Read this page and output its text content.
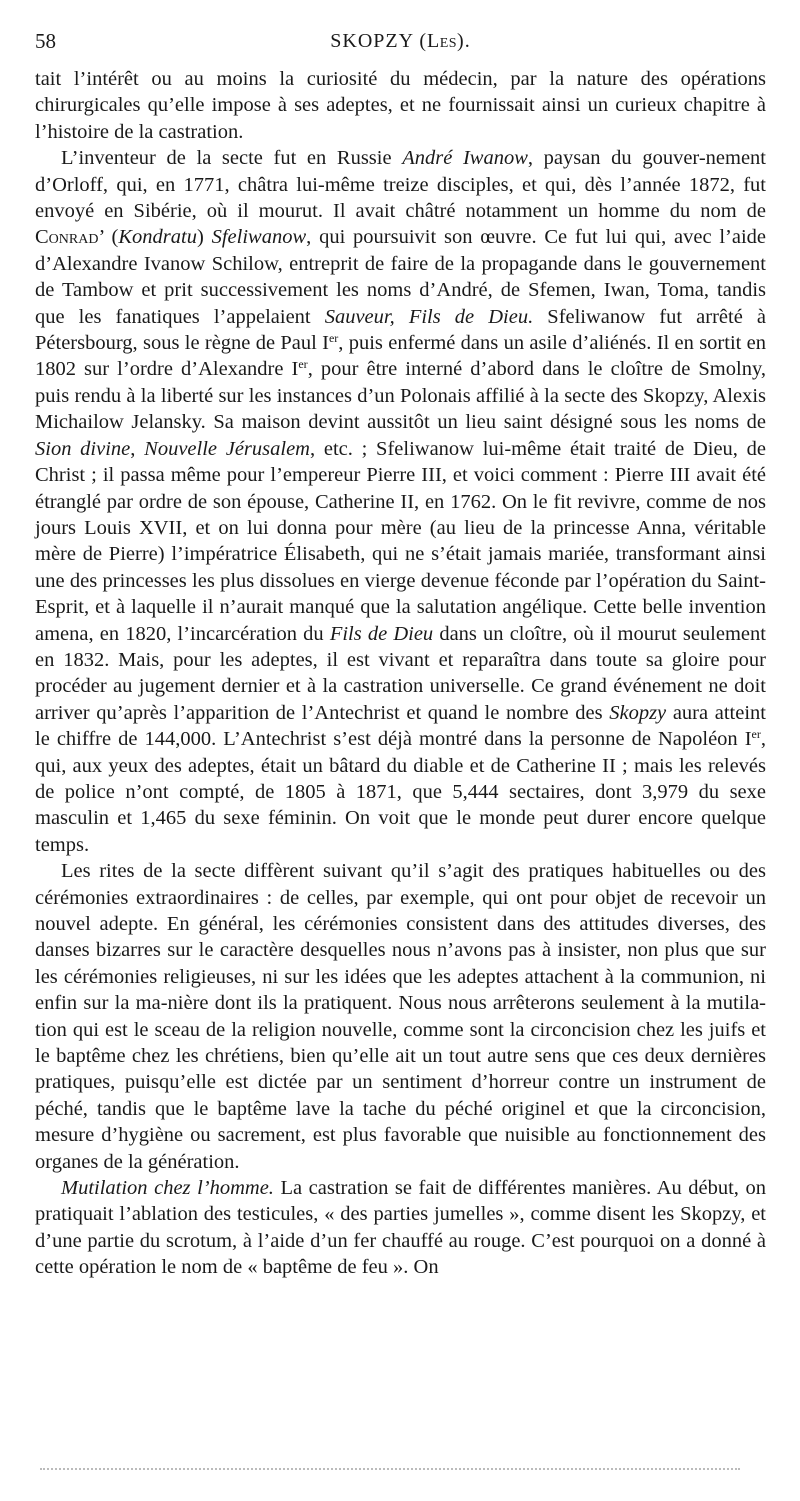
58	SKOPZY (Les).

tait l’intérêt ou au moins la curiosité du médecin, par la nature des opérations chirurgicales qu’elle impose à ses adeptes, et ne fournissait ainsi un curieux chapitre à l’histoire de la castration.

L’inventeur de la secte fut en Russie André Iwanow, paysan du gouver-nement d’Orloff, qui, en 1771, châtra lui-même treize disciples, et qui, dès l’année 1872, fut envoyé en Sibérie, où il mourut. Il avait châtré notamment un homme du nom de Conrad’ (Kondratu) Sfeliwanow, qui poursuivit son œuvre. Ce fut lui qui, avec l’aide d’Alexandre Ivanow Schilow, entreprit de faire de la propagande dans le gouvernement de Tambow et prit successivement les noms d’André, de Sfemen, Iwan, Toma, tandis que les fanatiques l’appelaient Sauveur, Fils de Dieu. Sfeliwanow fut arrêté à Pétersbourg, sous le règne de Paul Ier, puis enfermé dans un asile d’aliénés. Il en sortit en 1802 sur l’ordre d’Alexandre Ier, pour être interné d’abord dans le cloître de Smolny, puis rendu à la liberté sur les instances d’un Polonais affilié à la secte des Skopzy, Alexis Michailow Jelansky. Sa maison devint aussitôt un lieu saint désigné sous les noms de Sion divine, Nouvelle Jérusalem, etc. ; Sfeliwanow lui-même était traité de Dieu, de Christ ; il passa même pour l’empereur Pierre III, et voici comment : Pierre III avait été étranglé par ordre de son épouse, Catherine II, en 1762. On le fit revivre, comme de nos jours Louis XVII, et on lui donna pour mère (au lieu de la princesse Anna, véritable mère de Pierre) l’impératrice Élisabeth, qui ne s’était jamais mariée, transformant ainsi une des princesses les plus dissolues en vierge devenue féconde par l’opération du Saint-Esprit, et à laquelle il n’aurait manqué que la salutation angélique. Cette belle invention amena, en 1820, l’incarcération du Fils de Dieu dans un cloître, où il mourut seulement en 1832. Mais, pour les adeptes, il est vivant et reparaîtra dans toute sa gloire pour procéder au jugement dernier et à la castration universelle. Ce grand événement ne doit arriver qu’après l’apparition de l’Antechrist et quand le nombre des Skopzy aura atteint le chiffre de 144,000. L’Antechrist s’est déjà montré dans la personne de Napoléon Ier, qui, aux yeux des adeptes, était un bâtard du diable et de Catherine II ; mais les relevés de police n’ont compté, de 1805 à 1871, que 5,444 sectaires, dont 3,979 du sexe masculin et 1,465 du sexe féminin. On voit que le monde peut durer encore quelque temps.

Les rites de la secte diffèrent suivant qu’il s’agit des pratiques habituelles ou des cérémonies extraordinaires : de celles, par exemple, qui ont pour objet de recevoir un nouvel adepte. En général, les cérémonies consistent dans des attitudes diverses, des danses bizarres sur le caractère desquelles nous n’avons pas à insister, non plus que sur les cérémonies religieuses, ni sur les idées que les adeptes attachent à la communion, ni enfin sur la ma-nière dont ils la pratiquent. Nous nous arrêterons seulement à la mutila-tion qui est le sceau de la religion nouvelle, comme sont la circoncision chez les juifs et le baptême chez les chrétiens, bien qu’elle ait un tout autre sens que ces deux dernières pratiques, puisqu’elle est dictée par un sentiment d’horreur contre un instrument de péché, tandis que le baptême lave la tache du péché originel et que la circoncision, mesure d’hygiène ou sacrement, est plus favorable que nuisible au fonctionnement des organes de la génération.

Mutilation chez l’homme. La castration se fait de différentes manières. Au début, on pratiquait l’ablation des testicules, « des parties jumelles », comme disent les Skopzy, et d’une partie du scrotum, à l’aide d’un fer chauffé au rouge. C’est pourquoi on a donné à cette opération le nom de « baptême de feu ». On
